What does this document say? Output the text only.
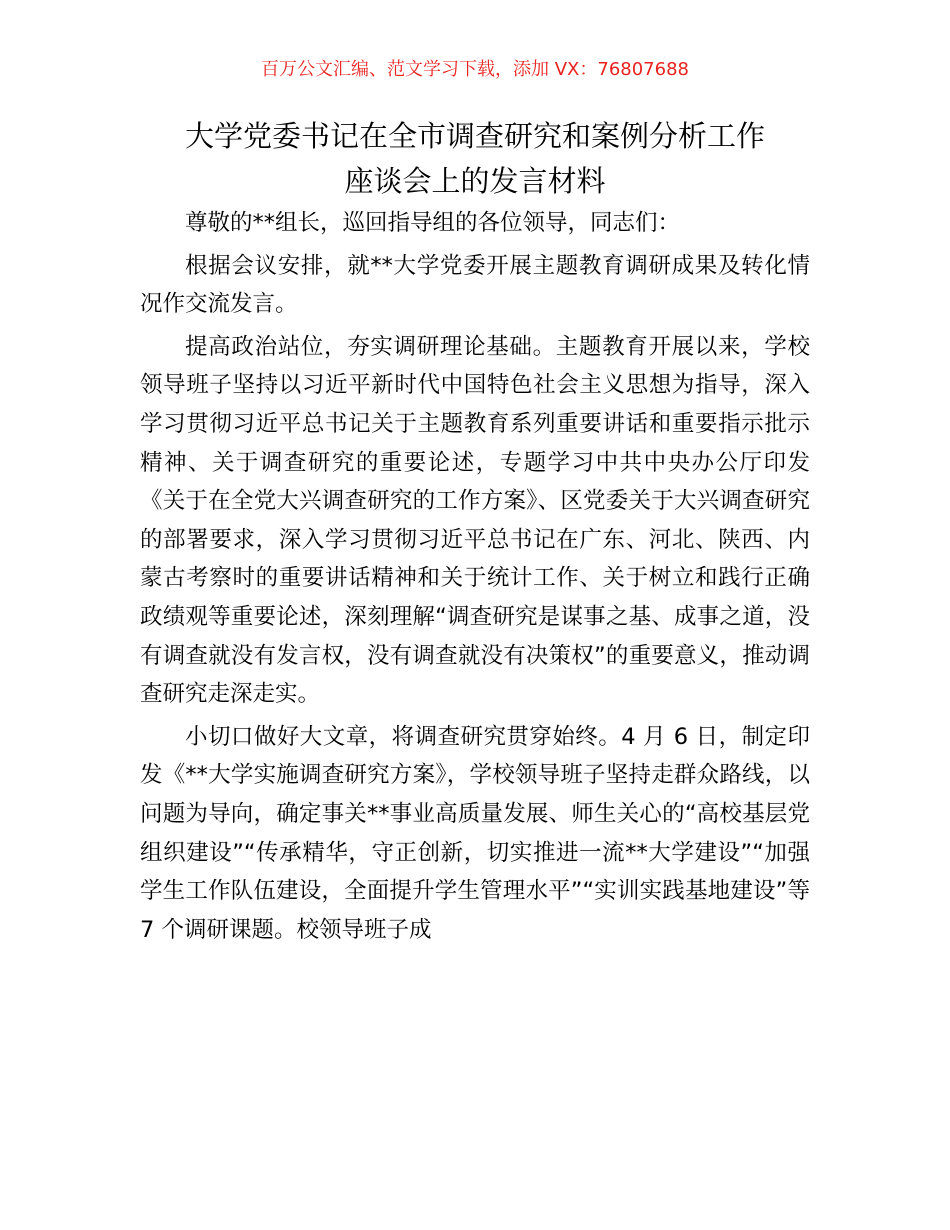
百万公文汇编、范文学习下载，添加 VX：76807688
大学党委书记在全市调查研究和案例分析工作
座谈会上的发言材料

尊敬的**组长，巡回指导组的各位领导，同志们：

根据会议安排，就**大学党委开展主题教育调研成果及转化情况作交流发言。

提高政治站位，夯实调研理论基础。主题教育开展以来，学校领导班子坚持以习近平新时代中国特色社会主义思想为指导，深入学习贯彻习近平总书记关于主题教育系列重要讲话和重要指示批示精神、关于调查研究的重要论述，专题学习中共中央办公厅印发《关于在全党大兴调查研究的工作方案》、区党委关于大兴调查研究的部署要求，深入学习贯彻习近平总书记在广东、河北、陕西、内蒙古考察时的重要讲话精神和关于统计工作、关于树立和践行正确政绩观等重要论述，深刻理解“调查研究是谋事之基、成事之道，没有调查就没有发言权，没有调查就没有决策权”的重要意义，推动调查研究走深走实。

小切口做好大文章，将调查研究贯穿始终。4 月 6 日，制定印发《**大学实施调查研究方案》，学校领导班子坚持走群众路线，以问题为导向，确定事关**事业高质量发展、师生关心的“高校基层党组织建设”“传承精华，守正创新，切实推进一流**大学建设”“加强学生工作队伍建设，全面提升学生管理水平”“实训实践基地建设”等 7 个调研课题。校领导班子成
